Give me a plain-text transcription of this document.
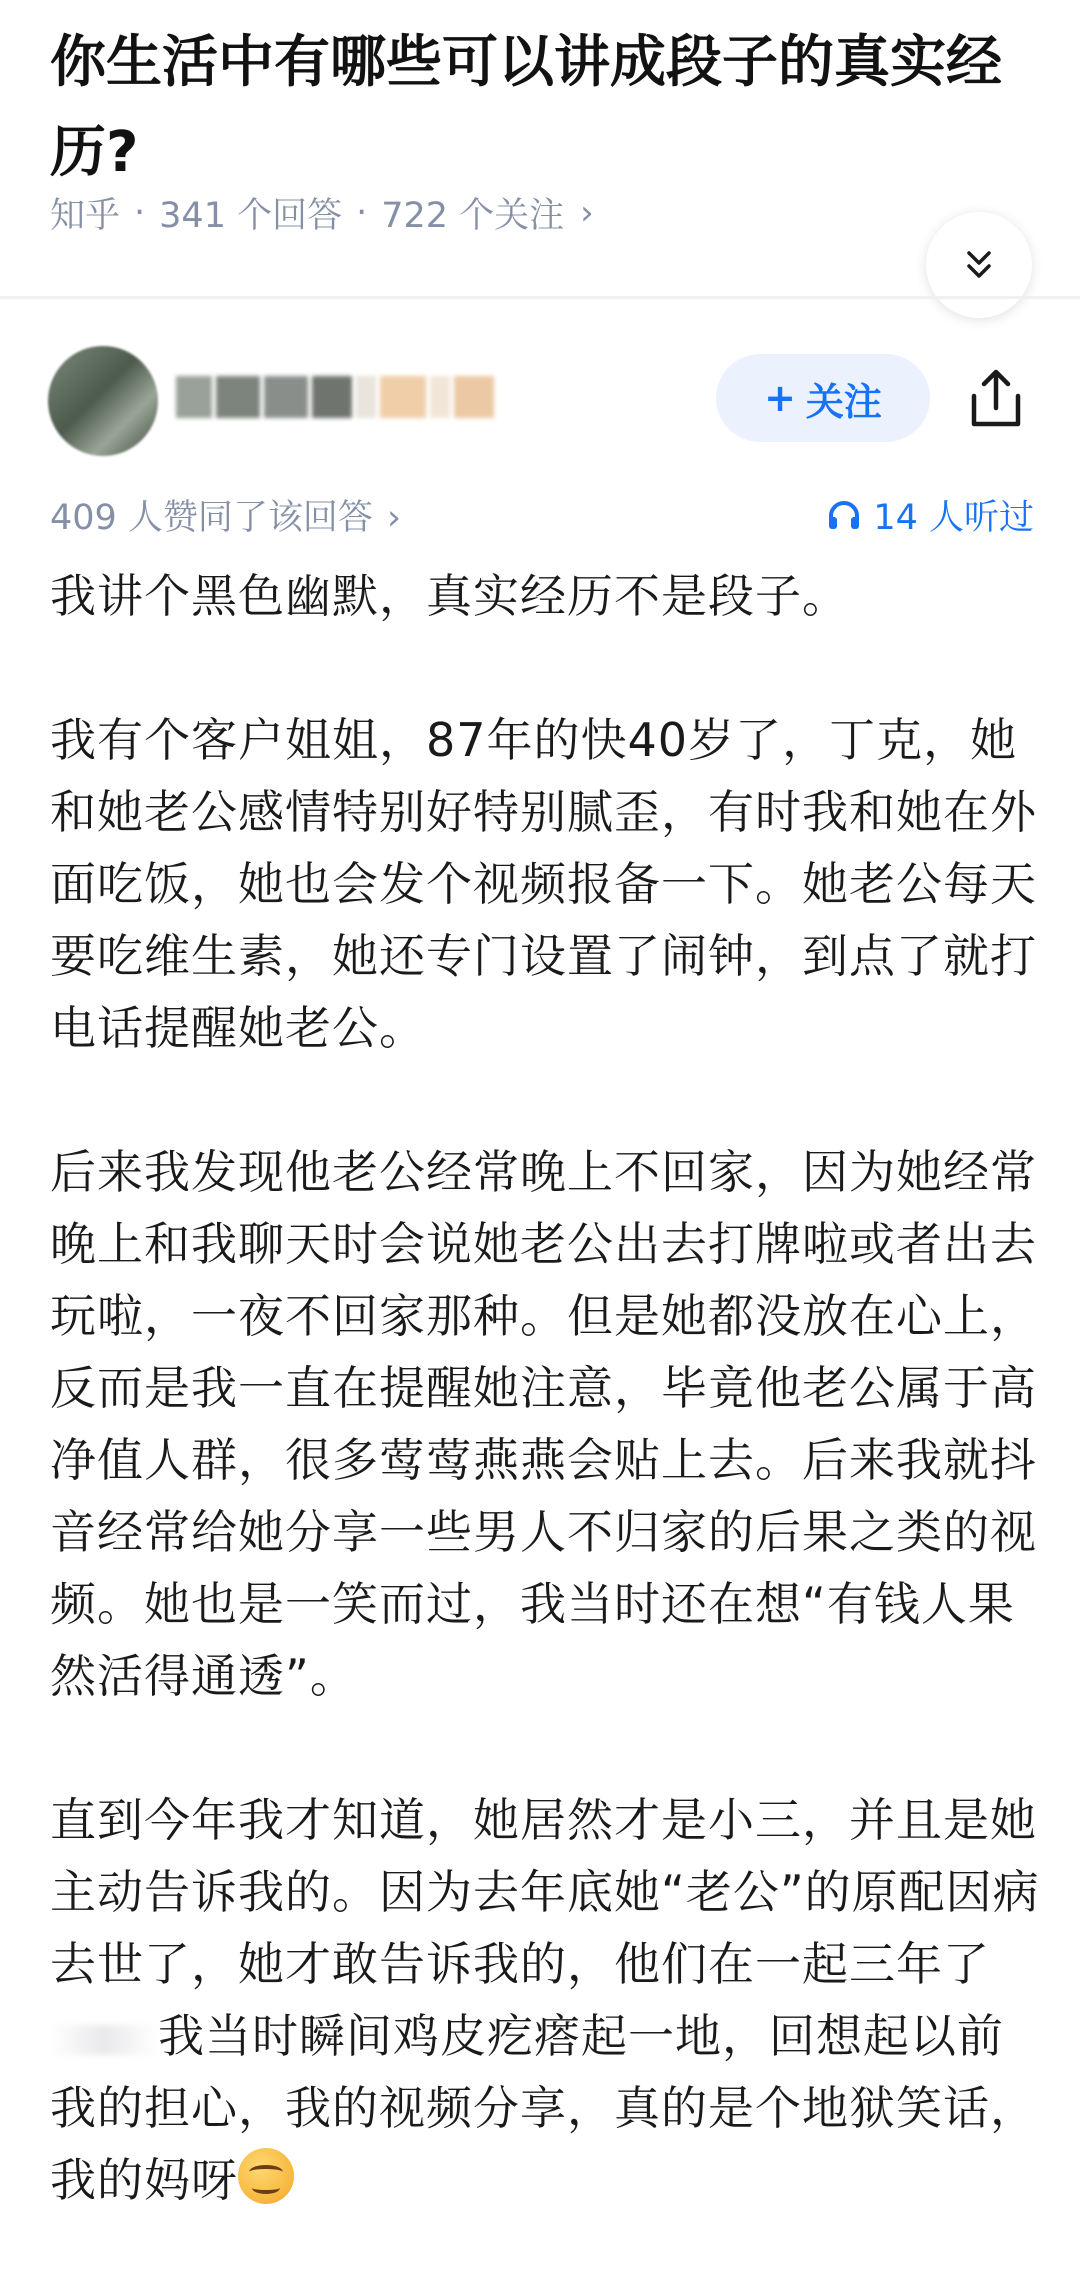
你生活中有哪些可以讲成段子的真实经历?
知乎 · 341 个回答 · 722 个关注 ›
+ 关注
409 人赞同了该回答 ›	14 人听过

我讲个黑色幽默，真实经历不是段子。

我有个客户姐姐，87年的快40岁了，丁克，她和她老公感情特别好特别腻歪，有时我和她在外面吃饭，她也会发个视频报备一下。她老公每天要吃维生素，她还专门设置了闹钟，到点了就打电话提醒她老公。

后来我发现他老公经常晚上不回家，因为她经常晚上和我聊天时会说她老公出去打牌啦或者出去玩啦，一夜不回家那种。但是她都没放在心上，反而是我一直在提醒她注意，毕竟他老公属于高净值人群，很多莺莺燕燕会贴上去。后来我就抖音经常给她分享一些男人不归家的后果之类的视频。她也是一笑而过，我当时还在想“有钱人果然活得通透”。

直到今年我才知道，她居然才是小三，并且是她主动告诉我的。因为去年底她“老公”的原配因病去世了，她才敢告诉我的，他们在一起三年了我当时瞬间鸡皮疙瘩起一地，回想起以前我的担心，我的视频分享，真的是个地狱笑话，我的妈呀
